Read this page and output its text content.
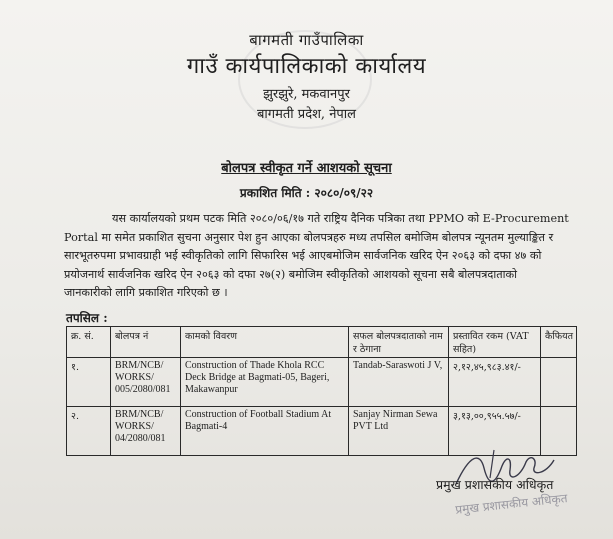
बागमती गाउँपालिका
गाउँ कार्यपालिकाको कार्यालय
झुरझुरे, मकवानपुर
बागमती प्रदेश, नेपाल
बोलपत्र स्वीकृत गर्ने आशयको सूचना
प्रकाशित मिति : २०८०/०९/२२
यस कार्यालयको प्रथम पटक मिति २०८०/०६/१७ गते राष्ट्रिय दैनिक पत्रिका तथा PPMO को E-Procurement
Portal मा समेत प्रकाशित सुचना अनुसार पेश हुन आएका बोलपत्रहरु मध्य तपसिल बमोजिम बोलपत्र न्यूनतम मुल्याङ्कित र
सारभूतरुपमा प्रभावग्राही भई स्वीकृतिको लागि सिफारिस भई आएबमोजिम सार्वजनिक खरिद ऐन २०६३ को दफा ४७ को
प्रयोजनार्थ सार्वजनिक खरिद ऐन २०६३ को दफा २७(२) बमोजिम स्वीकृतिको आशयको सूचना सबै बोलपत्रदाताको
जानकारीको लागि प्रकाशित गरिएको छ ।
तपसिल :
क्र. सं.	बोलपत्र नं	कामको विवरण	सफल बोलपत्रदाताको नाम र ठेगाना	प्रस्तावित रकम (VAT सहित)	कैफियत
१.	BRM/NCB/ WORKS/ 005/2080/081	Construction of Thade Khola RCC Deck Bridge at Bagmati-05, Bageri, Makawanpur	Tandab-Saraswoti J V,	२,१२,४५,९८३.४१/-	
२.	BRM/NCB/ WORKS/ 04/2080/081	Construction of Football Stadium At Bagmati-4	Sanjay Nirman Sewa PVT Ltd	३,१३,००,९५५.५७/-	
प्रमुख प्रशासकीय अधिकृत
प्रमुख प्रशासकीय अधिकृत
